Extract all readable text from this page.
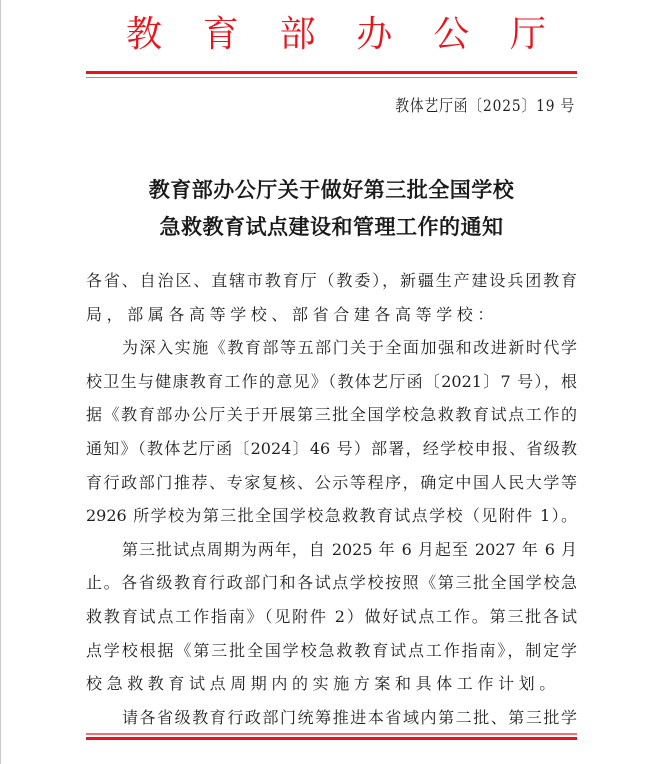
教 育 部 办 公 厅
教体艺厅函〔2025〕19 号
教育部办公厅关于做好第三批全国学校
急救教育试点建设和管理工作的通知
各省、自治区、直辖市教育厅（教委），新疆生产建设兵团教育
局，部属各高等学校、部省合建各高等学校：
为深入实施《教育部等五部门关于全面加强和改进新时代学
校卫生与健康教育工作的意见》（教体艺厅函〔2021〕7 号），根
据《教育部办公厅关于开展第三批全国学校急救教育试点工作的
通知》（教体艺厅函〔2024〕46 号）部署，经学校申报、省级教
育行政部门推荐、专家复核、公示等程序，确定中国人民大学等
2926 所学校为第三批全国学校急救教育试点学校（见附件 1）。
第三批试点周期为两年，自 2025 年 6 月起至 2027 年 6 月
止。各省级教育行政部门和各试点学校按照《第三批全国学校急
救教育试点工作指南》（见附件 2）做好试点工作。第三批各试
点学校根据《第三批全国学校急救教育试点工作指南》，制定学
校急救教育试点周期内的实施方案和具体工作计划。
请各省级教育行政部门统筹推进本省域内第二批、第三批学
